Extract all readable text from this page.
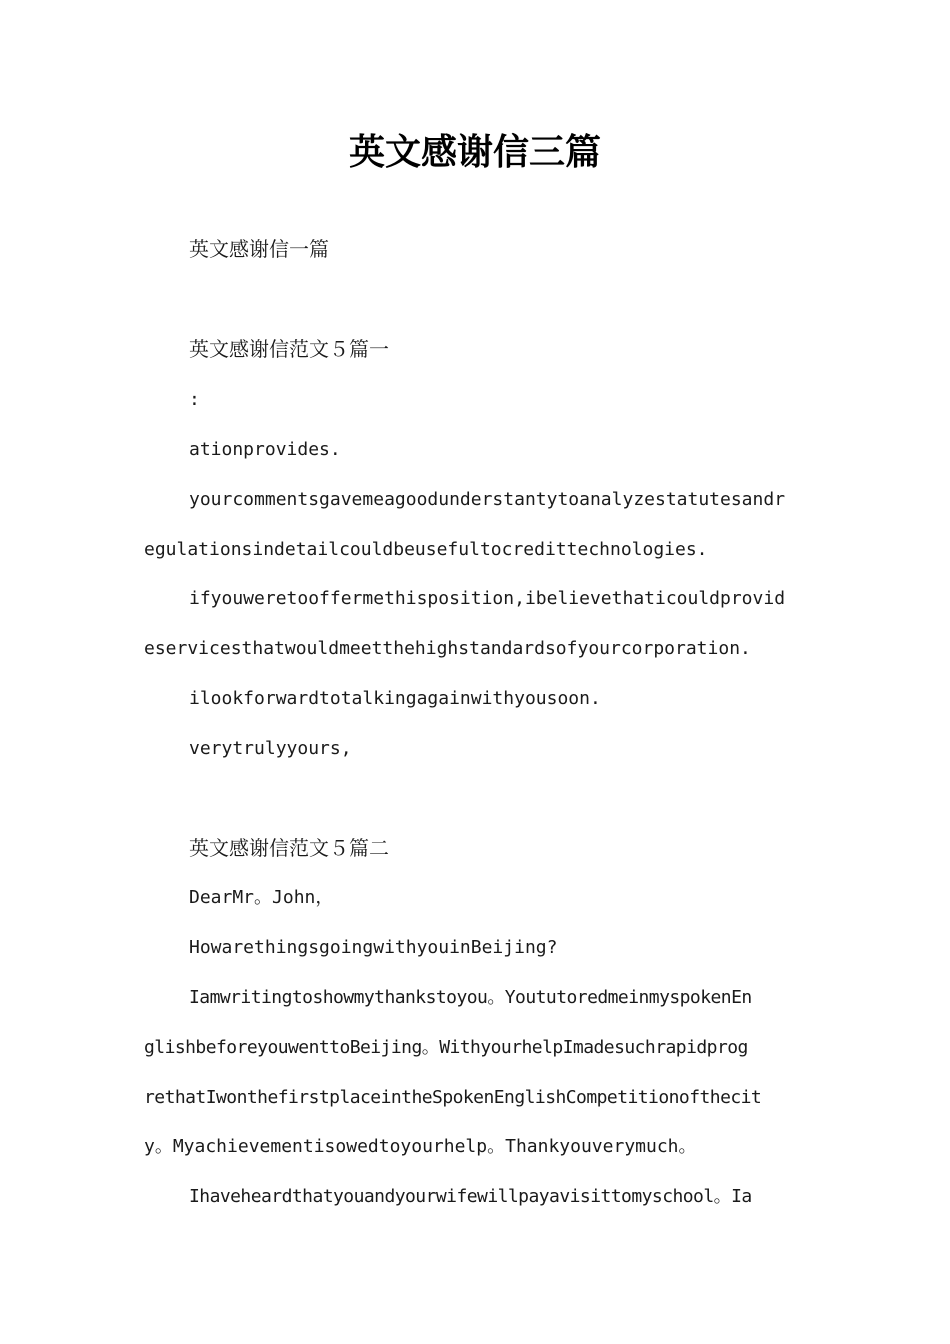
英文感谢信三篇
英文感谢信一篇
英文感谢信范文５篇一
:
ationprovides.
yourcommentsgavemeagoodunderstantytoanalyzestatutesandr
egulationsindetailcouldbeusefultocredittechnologies.
ifyouweretooffermethisposition,ibelievethaticouldprovid
eservicesthatwouldmeetthehighstandardsofyourcorporation.
ilookforwardtotalkingagainwithyousoon.
verytrulyyours,
英文感谢信范文５篇二
DearMr。John，
HowarethingsgoingwithyouinBeijing?
Iamwritingtoshowmythankstoyou。YoututoredmeinmyspokenEn
glishbeforeyouwenttoBeijing。WithyourhelpImadesuchrapidprog
rethatIwonthefirstplaceintheSpokenEnglishCompetitionofthecit
y。Myachievementisowedtoyourhelp。Thankyouverymuch。
Ihaveheardthatyouandyourwifewillpayavisittomyschool。Ia
